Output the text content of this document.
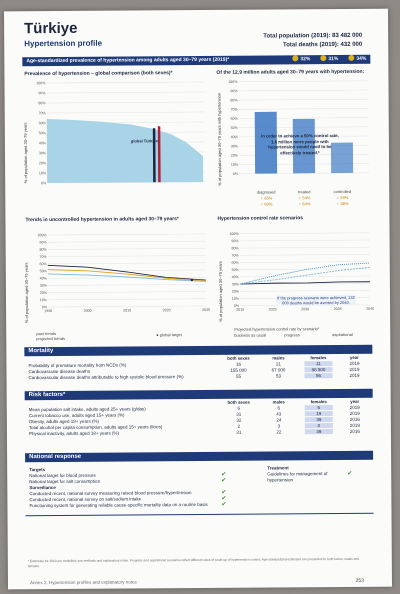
Türkiye
Hypertension profile
Total population (2019): 83 482 000
Total deaths (2019): 432 000
Age-standardized prevalence of hypertension among adults aged 30–79 years (2019)*	32%	31%	34%
Prevalence of hypertension – global comparison (both sexes)*
% of population aged 30–79 years
100%
90%
80%
70%
60%
50%
40%
30%
20%
10%
0%
global Türkiye
Of the 12.9 million adults aged 30–79 years with hypertension:
% of population aged 30–79 years with hypertension
100%
90%
80%
70%
60%
50%
40%
30%
20%
10%
0%
In order to achieve a 50% control rate, 1.6 million more people with hypertension would need to be effectively treated.*
diagnosed
♀ 65%
♂ 69%
treated
♀ 54%
♂ 64%
controlled
♀ 29%
♂ 38%
Trends in uncontrolled hypertension in adults aged 30–79 years*
% of population aged 30–79 years
100%
90%
80%
70%
60%
50%
40%
30%
20%
10%
0%
1990	2000	2010	2020	2030
past trends
projected trends
● global target
Hypertension control rate scenarios
% of population aged 30–79 years
100%
90%
80%
70%
60%
50%
40%
30%
20%
10%
0%
2019	2025	2030	2035	2040
If the progress scenario were achieved, 132 000 deaths would be averted by 2040.
Projected hypertension control rate by scenario*
business as usual	progress	aspirational
Mortality
both sexes	males	females	year
Probability of premature mortality from NCDs (%)	16	21	11	2019
Cardiovascular disease deaths	155 000	67 000	88 500	2019
Cardiovascular disease deaths attributable to high systolic blood pressure (%)	55	53	56	2019
Risk factors*
both sexes	males	females	year
Mean population salt intake, adults aged 25+ years (g/day)	6	6	6	2019
Current tobacco use, adults aged 15+ years (%)	31	43	19	2019
Obesity, adults aged 18+ years (%)	32	24	39	2016
Total alcohol per capita consumption, adults aged 15+ years (litres)	2	3	0	2019
Physical inactivity, adults aged 18+ years (%)	31	22	39	2016
National response
Targets
National target for blood pressure	✔
National target for salt consumption	✔
Surveillance
Conducted recent, national survey measuring raised blood pressure/hypertension	✔
Conducted recent, national survey on salt/sodium intake	✔
Functioning system for generating reliable cause-specific mortality data on a routine basis ✔
Treatment
Guidelines for management of hypertension
✔
* Estimates for 2019 are modelled; see methods and explanatory notes. Progress and aspirational scenarios reflect different rates of scale-up of hypertension control. Age-standardized estimates are presented for both sexes, males and females.
Annex 2. Hypertension profiles and explanatory notes	253
